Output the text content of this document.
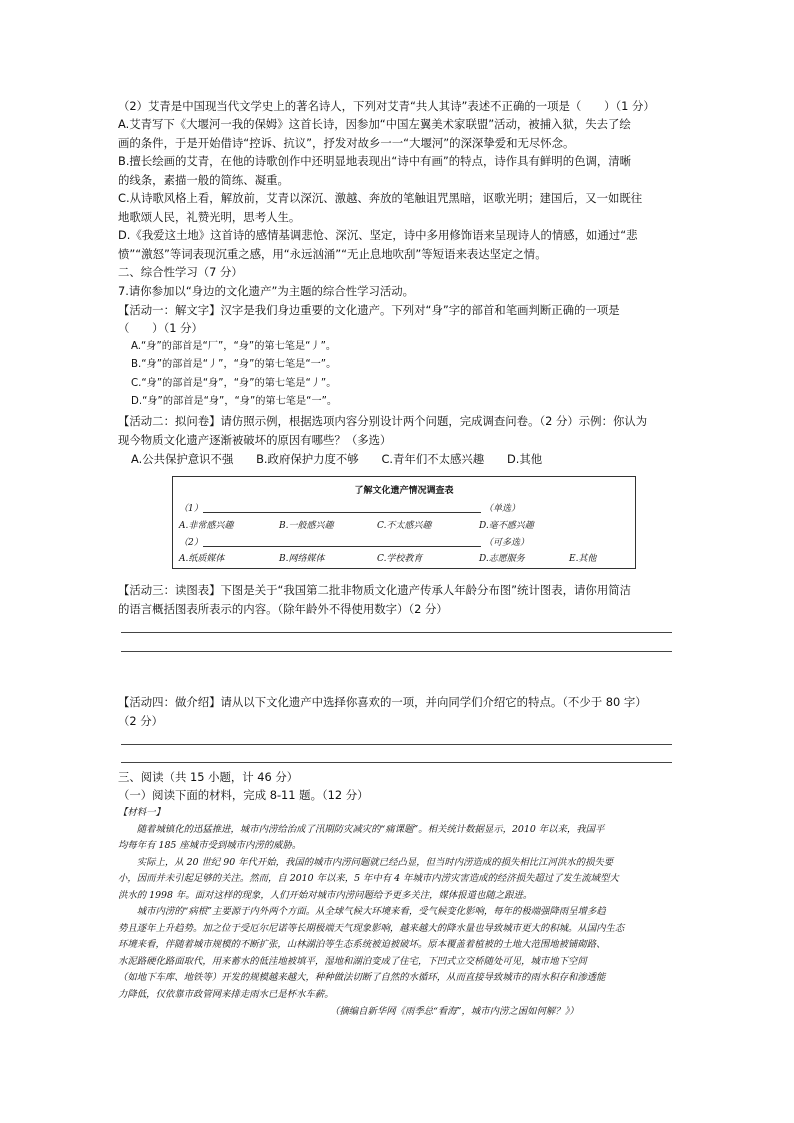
（2）艾青是中国现当代文学史上的著名诗人，下列对艾青“共人其诗”表述不正确的一项是（　　）（1 分）
A.艾青写下《大堰河一我的保姆》这首长诗，因参加“中国左翼美术家联盟”活动，被捕入狱，失去了绘
画的条件，于是开始借诗“控诉、抗议”，抒发对故乡一一“大堰河”的深深挚爱和无尽怀念。
B.擅长绘画的艾青，在他的诗歌创作中还明显地表现出“诗中有画”的特点，诗作具有鲜明的色调，清晰
的线条，素描一般的简练、凝重。
C.从诗歌风格上看，解放前，艾青以深沉、激越、奔放的笔触诅咒黑暗，讴歌光明；建国后，又一如既往
地歌颂人民，礼赞光明，思考人生。
D.《我爱这土地》这首诗的感情基调悲怆、深沉、坚定，诗中多用修饰语来呈现诗人的情感，如通过“悲
愤”“激怒”等词表现沉重之感，用“永远汹涌”“无止息地吹刮”等短语来表达坚定之情。
二、综合性学习（7 分）
7.请你参加以“身边的文化遗产”为主题的综合性学习活动。
【活动一：解文字】汉字是我们身边重要的文化遗产。下列对“身”字的部首和笔画判断正确的一项是
（　　）（1 分）
A.“身”的部首是“厂”，“身”的第七笔是“丿”。
B.“身”的部首是“丿”，“身”的第七笔是“一”。
C.“身”的部首是“身”，“身”的第七笔是“丿”。
D.“身”的部首是“身”，“身”的第七笔是“一”。
【活动二：拟问卷】请仿照示例，根据选项内容分别设计两个问题，完成调查问卷。（2 分）示例：你认为
现今物质文化遗产逐渐被破坏的原因有哪些？（多选）
A.公共保护意识不强　　B.政府保护力度不够　　C.青年们不太感兴趣　　D.其他
了解文化遗产情况调查表
（1）	（单选）
A.非常感兴趣	B.一般感兴趣	C.不太感兴趣	D.毫不感兴趣
（2）	（可多选）
A.纸质媒体	B.网络媒体	C.学校教育	D.志愿服务	E.其他
【活动三：读图表】下图是关于“我国第二批非物质文化遗产传承人年龄分布图”统计图表，请你用简洁
的语言概括图表所表示的内容。（除年龄外不得使用数字）（2 分）
【活动四：做介绍】请从以下文化遗产中选择你喜欢的一项，并向同学们介绍它的特点。（不少于 80 字）
（2 分）
三、阅读（共 15 小题，计 46 分）
（一）阅读下面的材料，完成 8-11 题。（12 分）
【材料一】
　　随着城镇化的迅猛推进，城市内涝给治成了汛期防灾减灾的“痛课题”。相关统计数据显示，2010 年以来，我国平
均每年有 185 座城市受到城市内涝的威胁。
　　实际上，从 20 世纪 90 年代开始，我国的城市内涝问题就已经凸显，但当时内涝造成的损失相比江河洪水的损失要
小，因而并未引起足够的关注。然而，自 2010 年以来，5 年中有 4 年城市内涝灾害造成的经济损失超过了发生流域型大
洪水的 1998 年。面对这样的现象，人们开始对城市内涝问题给予更多关注，媒体报道也随之跟进。
　　城市内涝的“病根”主要源于内外两个方面。从全球气候大环境来看，受气候变化影响，每年的极端强降雨呈增多趋
势且逐年上升趋势。加之位于受厄尔尼诺等长期极端天气现象影响，越来越大的降水量也导致城市更大的积城。从国内生态
环境来看，伴随着城市规模的不断扩张，山林湖泊等生态系统被迫被破坏。原本覆盖着植被的土地大范围地被铺砌路、
水泥路硬化路面取代，用来蓄水的低洼地被填平，湿地和湖泊变成了住宅，下凹式立交桥随处可见，城市地下空间
（如地下车库、地铁等）开发的规模越来越大，种种做法切断了自然的水循环，从而直接导致城市的雨水积存和渗透能
力降低，仅依靠市政管网来排走雨水已是杯水车薪。
（摘编自新华网《雨季总“看海”，城市内涝之困如何解？》）
